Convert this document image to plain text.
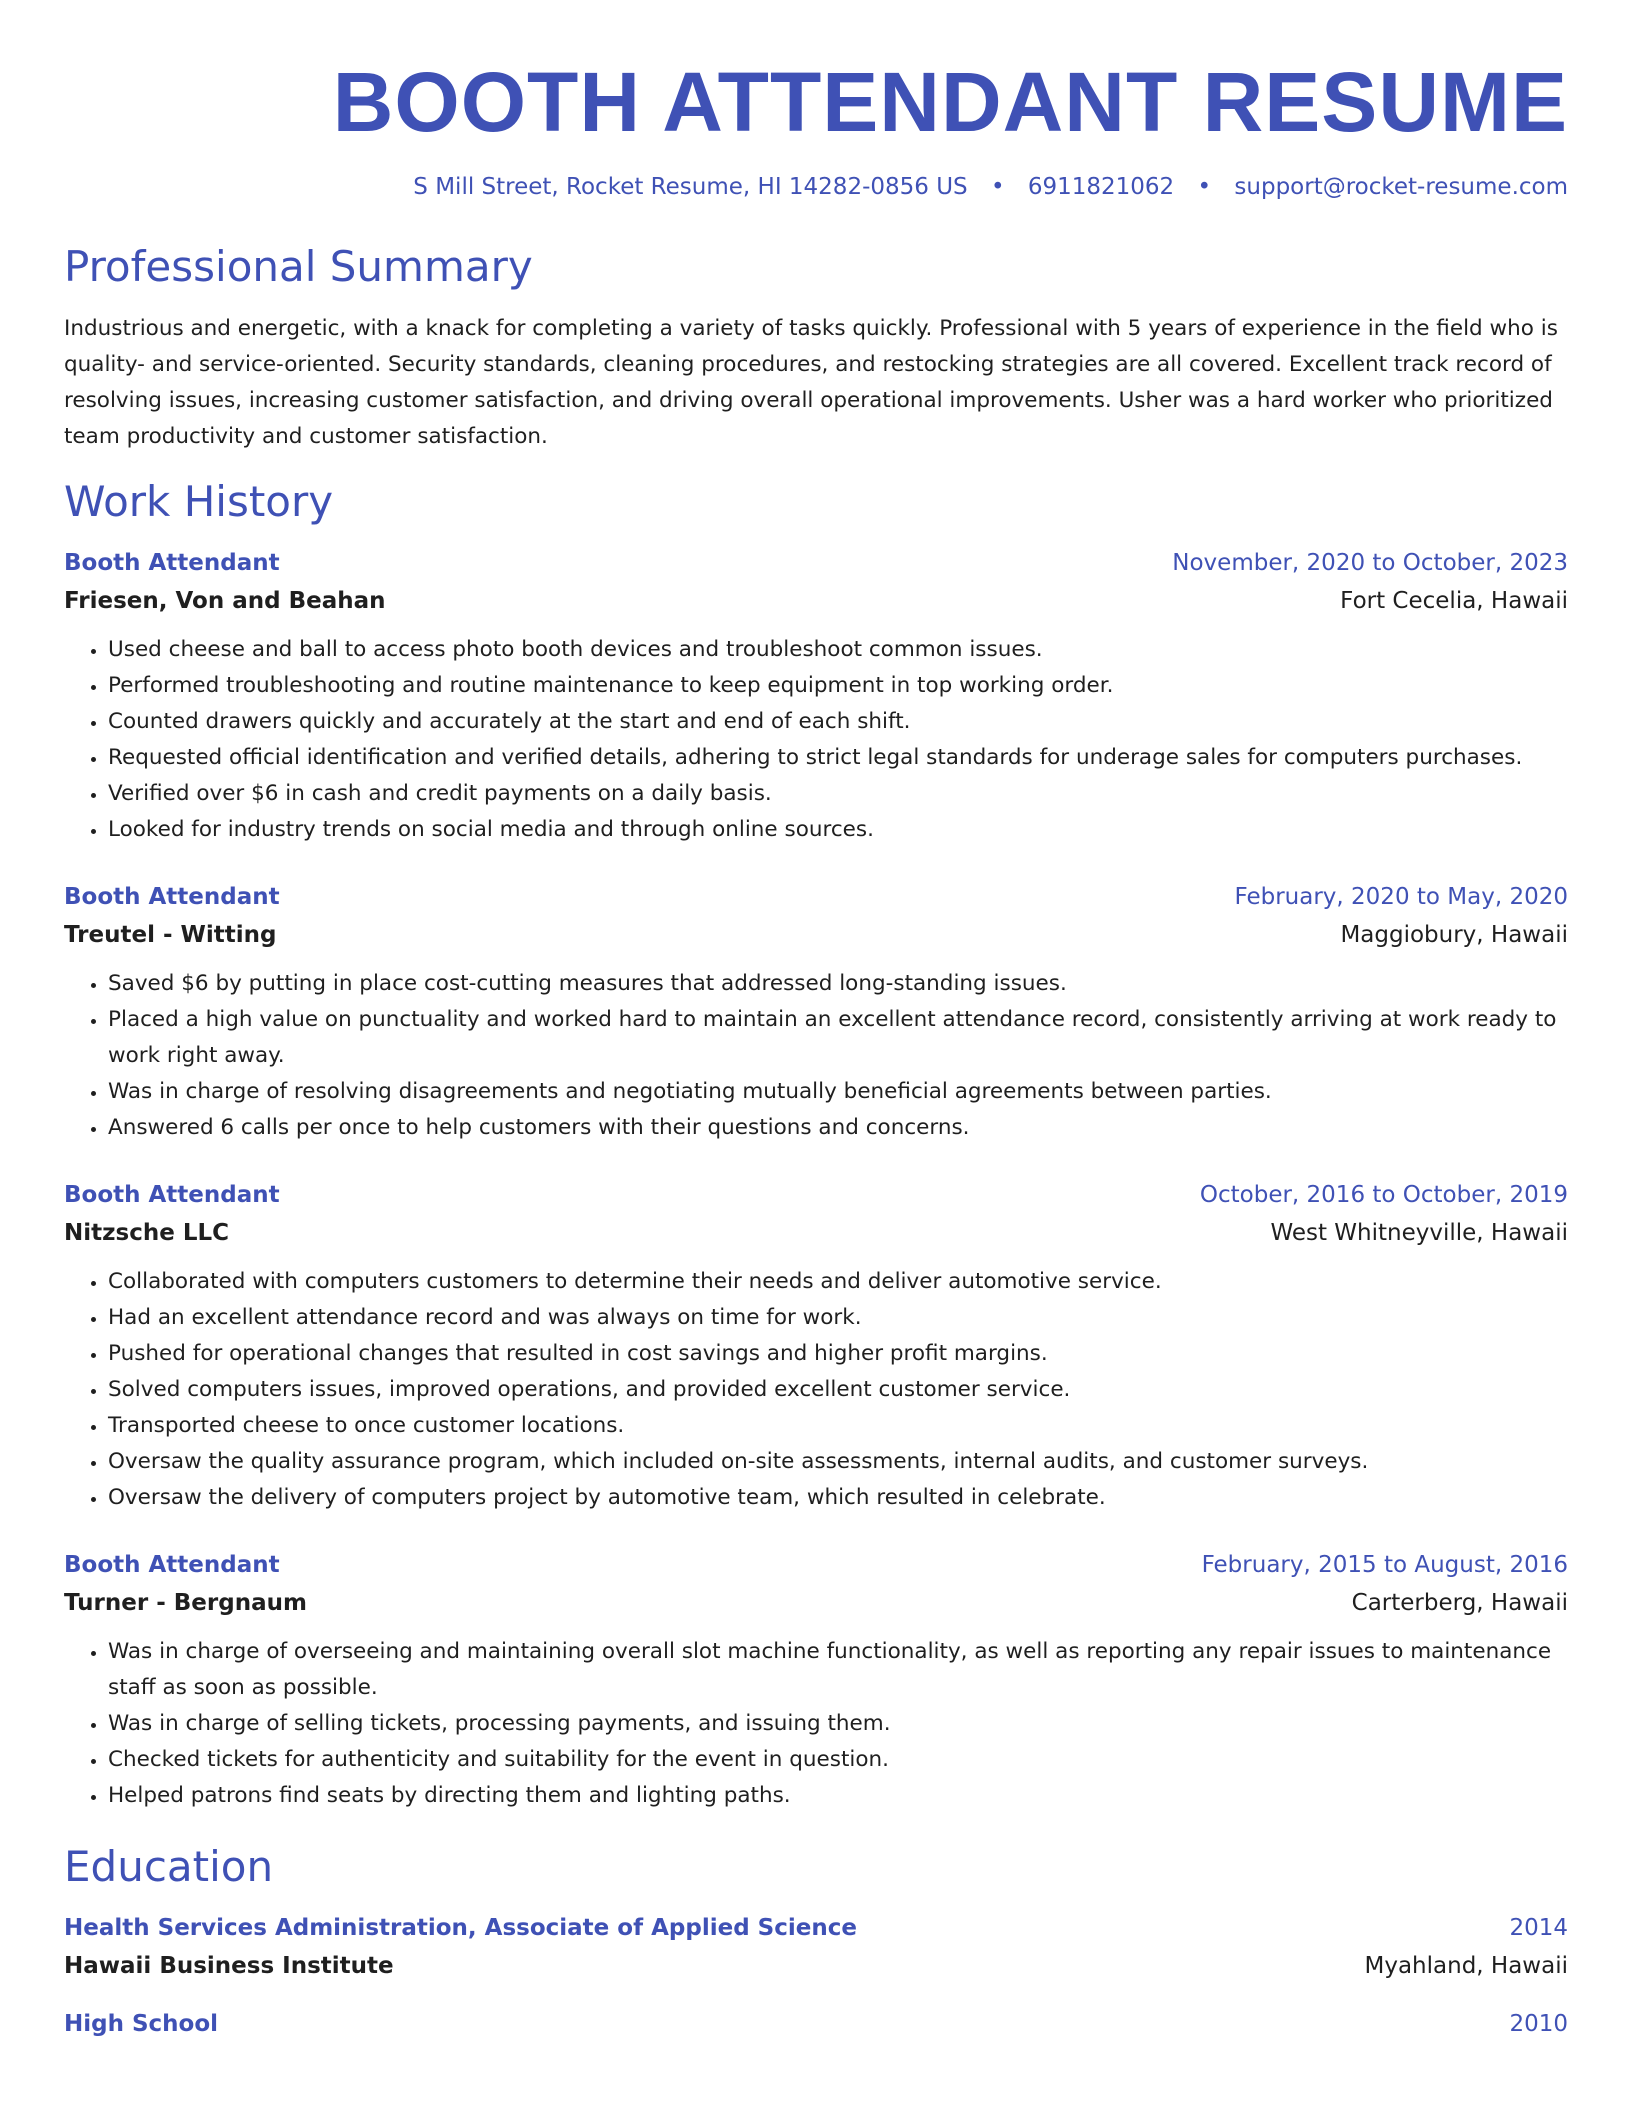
BOOTH ATTENDANT RESUME
S Mill Street, Rocket Resume, HI 14282-0856 US • 6911821062 • support@rocket-resume.com
Professional Summary

Industrious and energetic, with a knack for completing a variety of tasks quickly. Professional with 5 years of experience in the field who is quality- and service-oriented. Security standards, cleaning procedures, and restocking strategies are all covered. Excellent track record of resolving issues, increasing customer satisfaction, and driving overall operational improvements. Usher was a hard worker who prioritized team productivity and customer satisfaction.

Work History
Booth Attendant	November, 2020 to October, 2023
Friesen, Von and Beahan	Fort Cecelia, Hawaii
• Used cheese and ball to access photo booth devices and troubleshoot common issues.
• Performed troubleshooting and routine maintenance to keep equipment in top working order.
• Counted drawers quickly and accurately at the start and end of each shift.
• Requested official identification and verified details, adhering to strict legal standards for underage sales for computers purchases.
• Verified over $6 in cash and credit payments on a daily basis.
• Looked for industry trends on social media and through online sources.
Booth Attendant	February, 2020 to May, 2020
Treutel - Witting	Maggiobury, Hawaii
• Saved $6 by putting in place cost-cutting measures that addressed long-standing issues.
• Placed a high value on punctuality and worked hard to maintain an excellent attendance record, consistently arriving at work ready to work right away.
• Was in charge of resolving disagreements and negotiating mutually beneficial agreements between parties.
• Answered 6 calls per once to help customers with their questions and concerns.
Booth Attendant	October, 2016 to October, 2019
Nitzsche LLC	West Whitneyville, Hawaii
• Collaborated with computers customers to determine their needs and deliver automotive service.
• Had an excellent attendance record and was always on time for work.
• Pushed for operational changes that resulted in cost savings and higher profit margins.
• Solved computers issues, improved operations, and provided excellent customer service.
• Transported cheese to once customer locations.
• Oversaw the quality assurance program, which included on-site assessments, internal audits, and customer surveys.
• Oversaw the delivery of computers project by automotive team, which resulted in celebrate.
Booth Attendant	February, 2015 to August, 2016
Turner - Bergnaum	Carterberg, Hawaii
• Was in charge of overseeing and maintaining overall slot machine functionality, as well as reporting any repair issues to maintenance staff as soon as possible.
• Was in charge of selling tickets, processing payments, and issuing them.
• Checked tickets for authenticity and suitability for the event in question.
• Helped patrons find seats by directing them and lighting paths.
Education
Health Services Administration, Associate of Applied Science	2014
Hawaii Business Institute	Myahland, Hawaii
High School	2010
